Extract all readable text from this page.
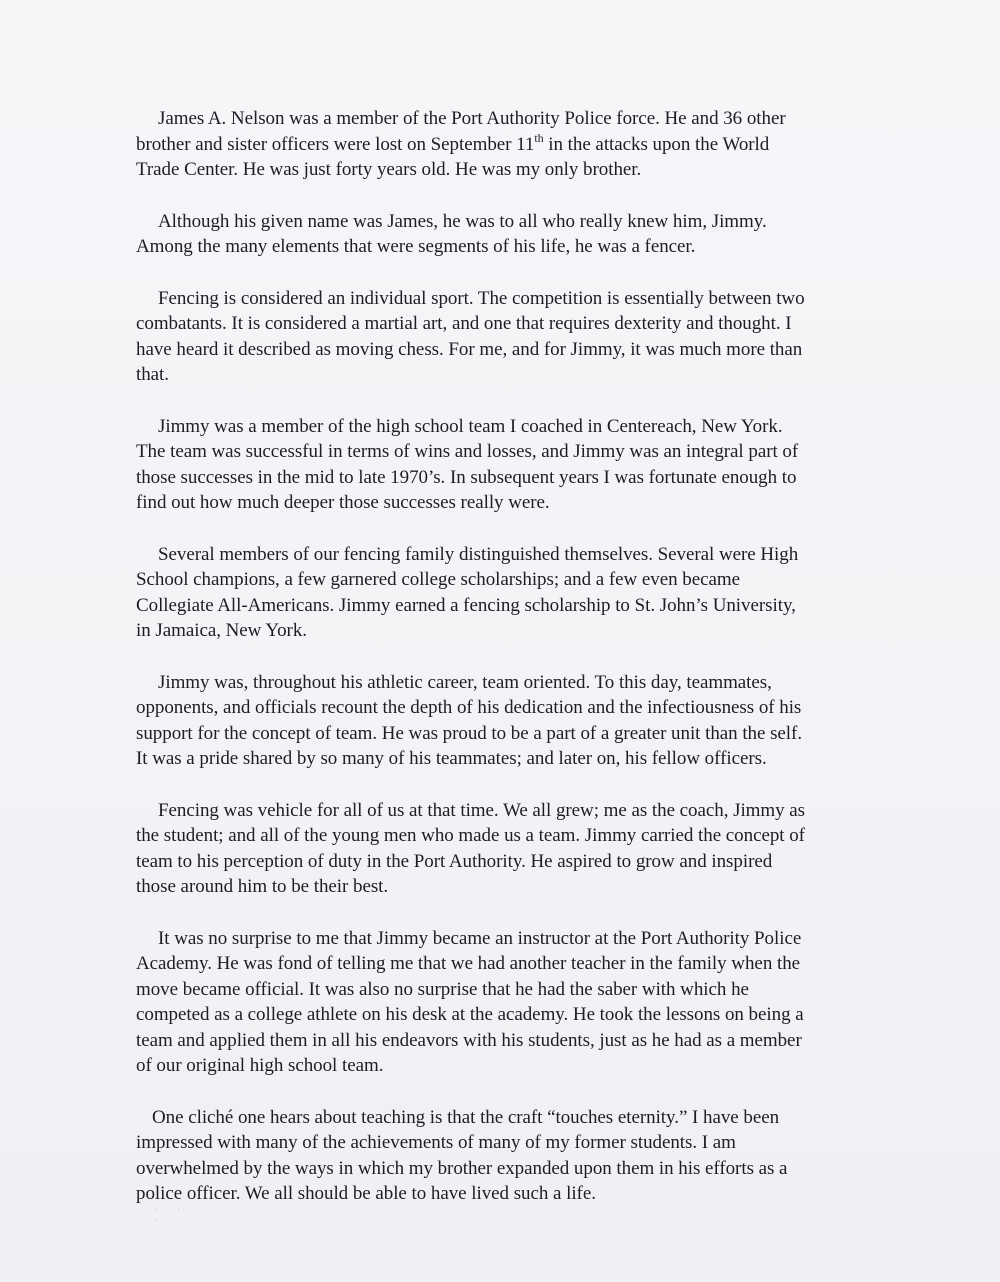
James A. Nelson was a member of the Port Authority Police force. He and 36 other
brother and sister officers were lost on September 11th in the attacks upon the World
Trade Center. He was just forty years old. He was my only brother.

Although his given name was James, he was to all who really knew him, Jimmy.
Among the many elements that were segments of his life, he was a fencer.

Fencing is considered an individual sport. The competition is essentially between two
combatants. It is considered a martial art, and one that requires dexterity and thought. I
have heard it described as moving chess. For me, and for Jimmy, it was much more than
that.

Jimmy was a member of the high school team I coached in Centereach, New York.
The team was successful in terms of wins and losses, and Jimmy was an integral part of
those successes in the mid to late 1970’s. In subsequent years I was fortunate enough to
find out how much deeper those successes really were.

Several members of our fencing family distinguished themselves. Several were High
School champions, a few garnered college scholarships; and a few even became
Collegiate All-Americans. Jimmy earned a fencing scholarship to St. John’s University,
in Jamaica, New York.

Jimmy was, throughout his athletic career, team oriented. To this day, teammates,
opponents, and officials recount the depth of his dedication and the infectiousness of his
support for the concept of team. He was proud to be a part of a greater unit than the self.
It was a pride shared by so many of his teammates; and later on, his fellow officers.

Fencing was vehicle for all of us at that time. We all grew; me as the coach, Jimmy as
the student; and all of the young men who made us a team. Jimmy carried the concept of
team to his perception of duty in the Port Authority. He aspired to grow and inspired
those around him to be their best.

It was no surprise to me that Jimmy became an instructor at the Port Authority Police
Academy. He was fond of telling me that we had another teacher in the family when the
move became official. It was also no surprise that he had the saber with which he
competed as a college athlete on his desk at the academy. He took the lessons on being a
team and applied them in all his endeavors with his students, just as he had as a member
of our original high school team.

One cliché one hears about teaching is that the craft “touches eternity.” I have been
impressed with many of the achievements of many of my former students. I am
overwhelmed by the ways in which my brother expanded upon them in his efforts as a
police officer. We all should be able to have lived such a life.

· · ·
